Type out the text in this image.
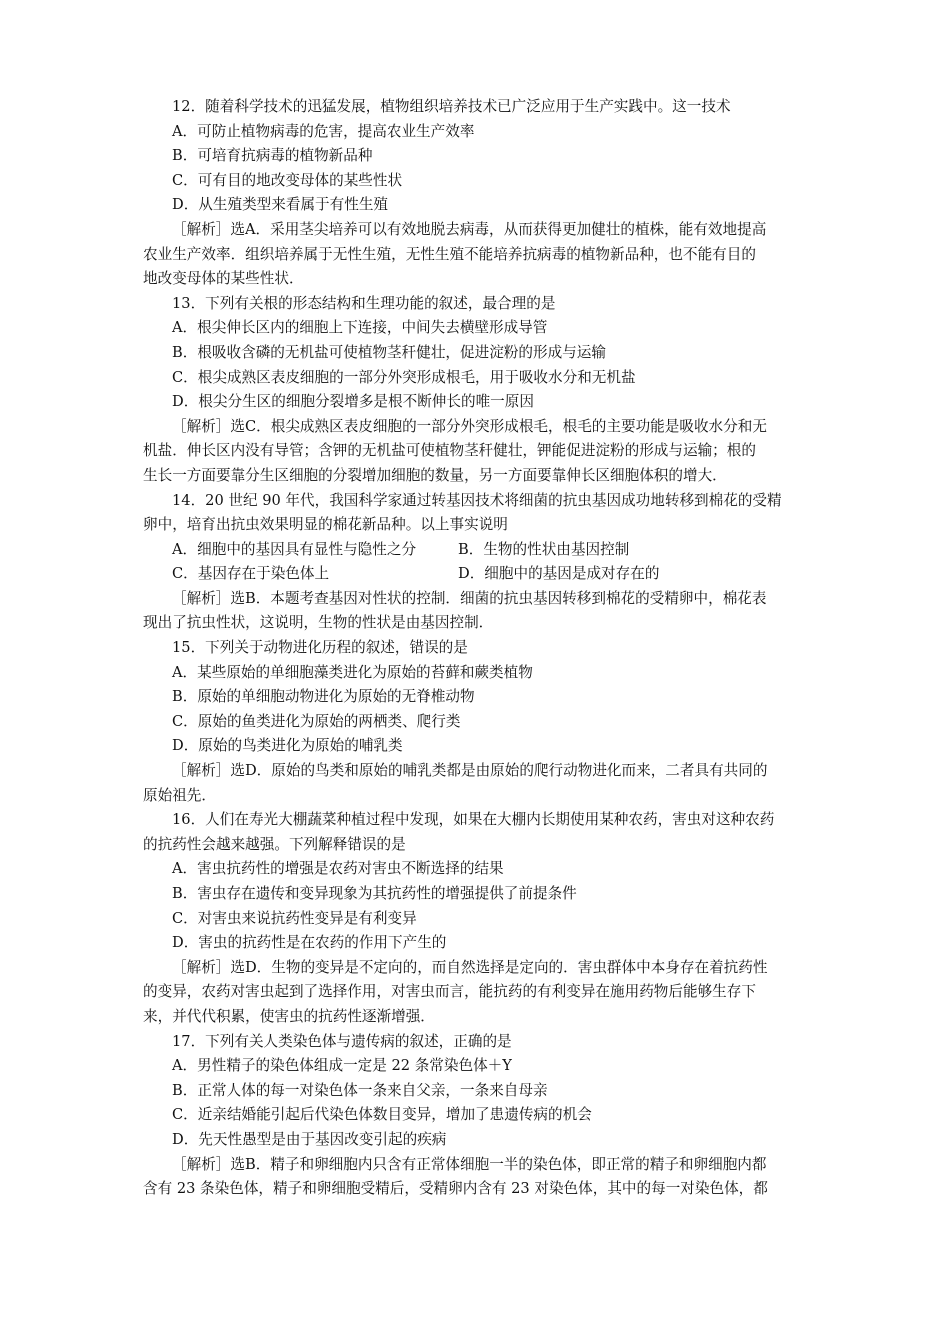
12．随着科学技术的迅猛发展，植物组织培养技术已广泛应用于生产实践中。这一技术
A．可防止植物病毒的危害，提高农业生产效率
B．可培育抗病毒的植物新品种
C．可有目的地改变母体的某些性状
D．从生殖类型来看属于有性生殖
［解析］选A．采用茎尖培养可以有效地脱去病毒，从而获得更加健壮的植株，能有效地提高
农业生产效率．组织培养属于无性生殖，无性生殖不能培养抗病毒的植物新品种，也不能有目的
地改变母体的某些性状．
13．下列有关根的形态结构和生理功能的叙述，最合理的是
A．根尖伸长区内的细胞上下连接，中间失去横壁形成导管
B．根吸收含磷的无机盐可使植物茎秆健壮，促进淀粉的形成与运输
C．根尖成熟区表皮细胞的一部分外突形成根毛，用于吸收水分和无机盐
D．根尖分生区的细胞分裂增多是根不断伸长的唯一原因
［解析］选C．根尖成熟区表皮细胞的一部分外突形成根毛，根毛的主要功能是吸收水分和无
机盐．伸长区内没有导管；含钾的无机盐可使植物茎秆健壮，钾能促进淀粉的形成与运输；根的
生长一方面要靠分生区细胞的分裂增加细胞的数量，另一方面要靠伸长区细胞体积的增大．
14．20 世纪 90 年代，我国科学家通过转基因技术将细菌的抗虫基因成功地转移到棉花的受精
卵中，培育出抗虫效果明显的棉花新品种。以上事实说明
A．细胞中的基因具有显性与隐性之分	B．生物的性状由基因控制
C．基因存在于染色体上	D．细胞中的基因是成对存在的
［解析］选B．本题考查基因对性状的控制．细菌的抗虫基因转移到棉花的受精卵中，棉花表
现出了抗虫性状，这说明，生物的性状是由基因控制．
15．下列关于动物进化历程的叙述，错误的是
A．某些原始的单细胞藻类进化为原始的苔藓和蕨类植物
B．原始的单细胞动物进化为原始的无脊椎动物
C．原始的鱼类进化为原始的两栖类、爬行类
D．原始的鸟类进化为原始的哺乳类
［解析］选D．原始的鸟类和原始的哺乳类都是由原始的爬行动物进化而来，二者具有共同的
原始祖先．
16．人们在寿光大棚蔬菜种植过程中发现，如果在大棚内长期使用某种农药，害虫对这种农药
的抗药性会越来越强。下列解释错误的是
A．害虫抗药性的增强是农药对害虫不断选择的结果
B．害虫存在遗传和变异现象为其抗药性的增强提供了前提条件
C．对害虫来说抗药性变异是有利变异
D．害虫的抗药性是在农药的作用下产生的
［解析］选D．生物的变异是不定向的，而自然选择是定向的．害虫群体中本身存在着抗药性
的变异，农药对害虫起到了选择作用，对害虫而言，能抗药的有利变异在施用药物后能够生存下
来，并代代积累，使害虫的抗药性逐渐增强．
17．下列有关人类染色体与遗传病的叙述，正确的是
A．男性精子的染色体组成一定是 22 条常染色体＋Y
B．正常人体的每一对染色体一条来自父亲，一条来自母亲
C．近亲结婚能引起后代染色体数目变异，增加了患遗传病的机会
D．先天性愚型是由于基因改变引起的疾病
［解析］选B．精子和卵细胞内只含有正常体细胞一半的染色体，即正常的精子和卵细胞内都
含有 23 条染色体，精子和卵细胞受精后，受精卵内含有 23 对染色体，其中的每一对染色体，都
